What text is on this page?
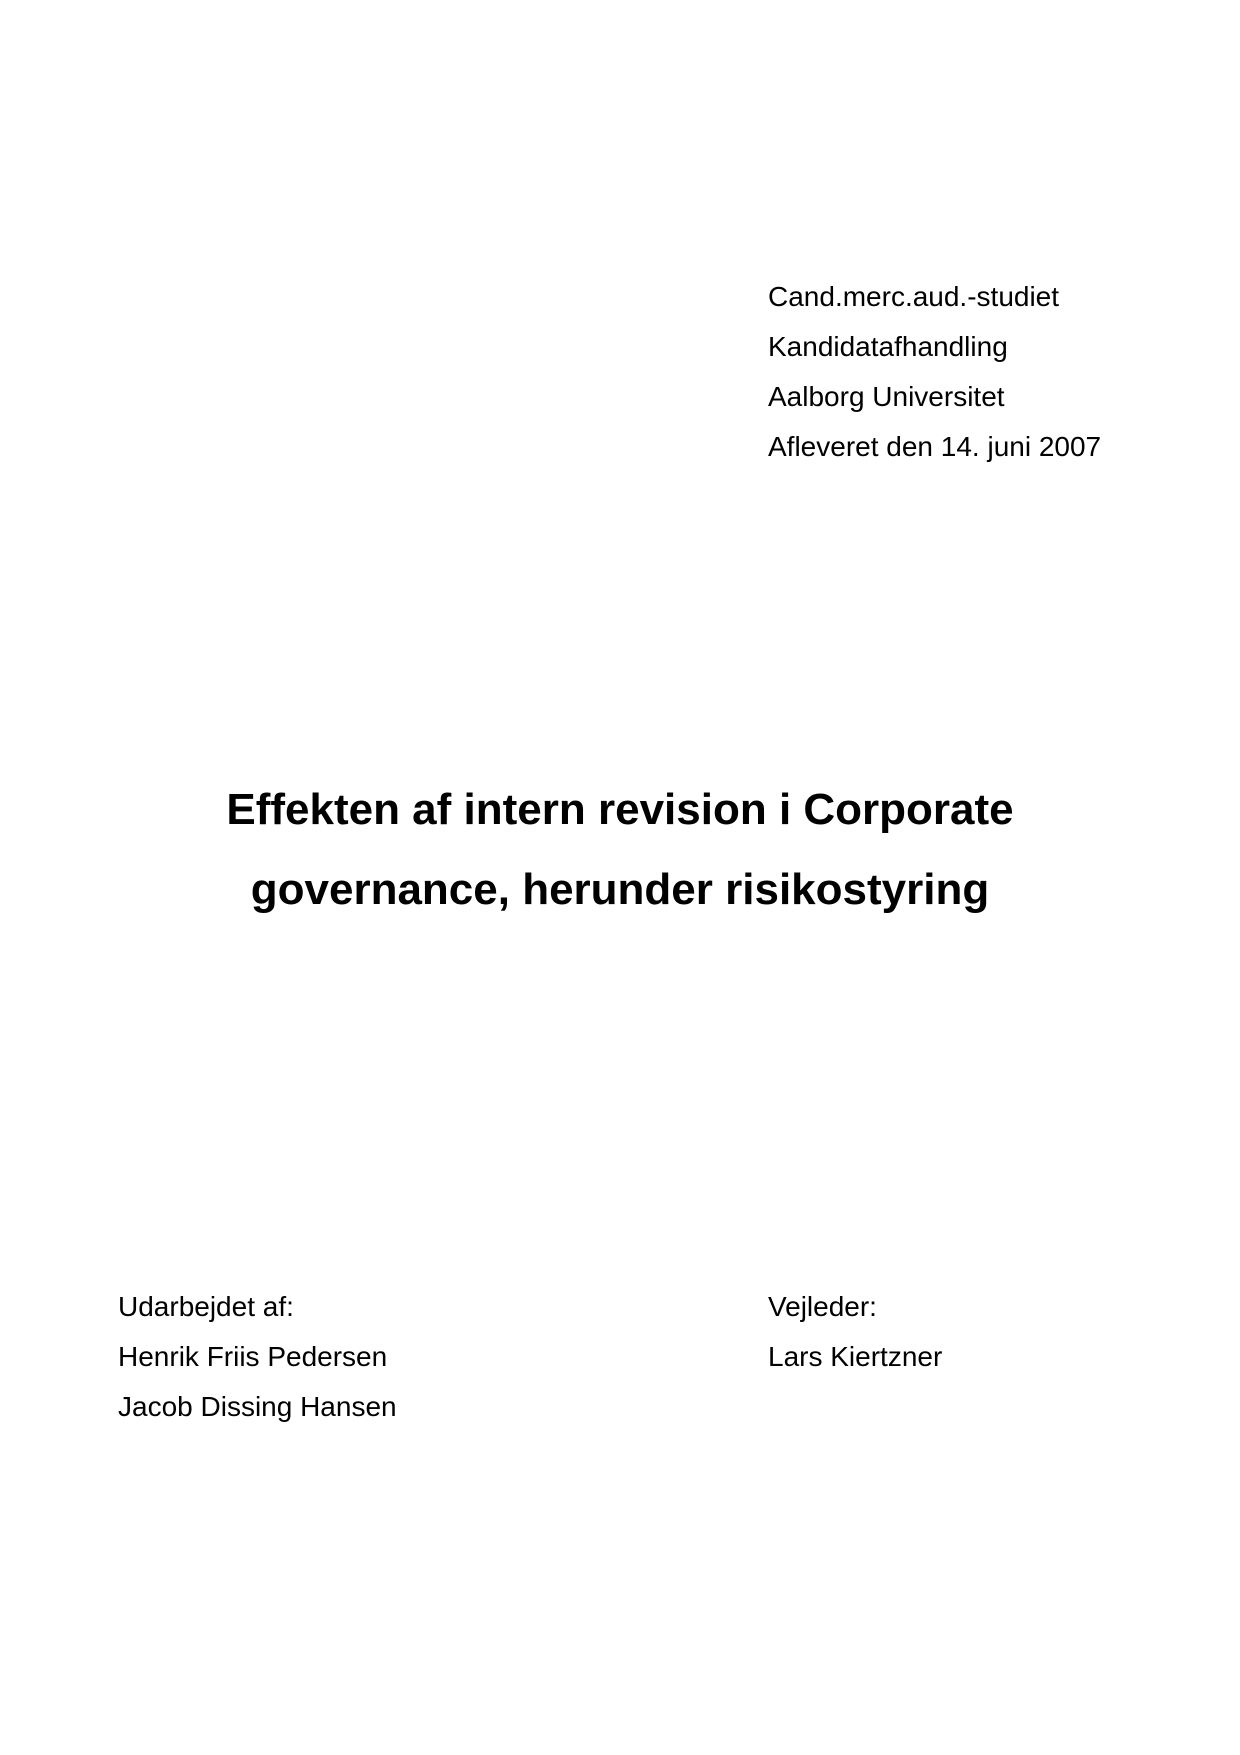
Cand.merc.aud.-studiet
Kandidatafhandling
Aalborg Universitet
Afleveret den 14. juni 2007
Effekten af intern revision i Corporate
governance, herunder risikostyring
Udarbejdet af:
Henrik Friis Pedersen
Jacob Dissing Hansen
Vejleder:
Lars Kiertzner
